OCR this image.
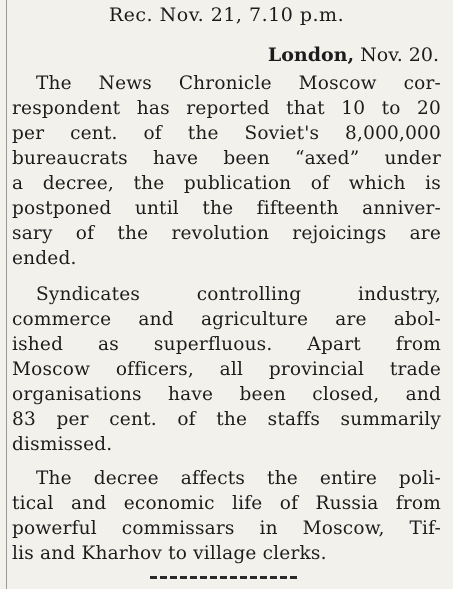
Rec. Nov. 21, 7.10 p.m.
London, Nov. 20.
The News Chronicle Moscow cor-
respondent has reported that 10 to 20
per cent. of the Soviet's 8,000,000
bureaucrats have been “axed” under
a decree, the publication of which is
postponed until the fifteenth anniver-
sary of the revolution rejoicings are
ended.
Syndicates controlling industry,
commerce and agriculture are abol-
ished as superfluous. Apart from
Moscow officers, all provincial trade
organisations have been closed, and
83 per cent. of the staffs summarily
dismissed.
The decree affects the entire poli-
tical and economic life of Russia from
powerful commissars in Moscow, Tif-
lis and Kharhov to village clerks.
